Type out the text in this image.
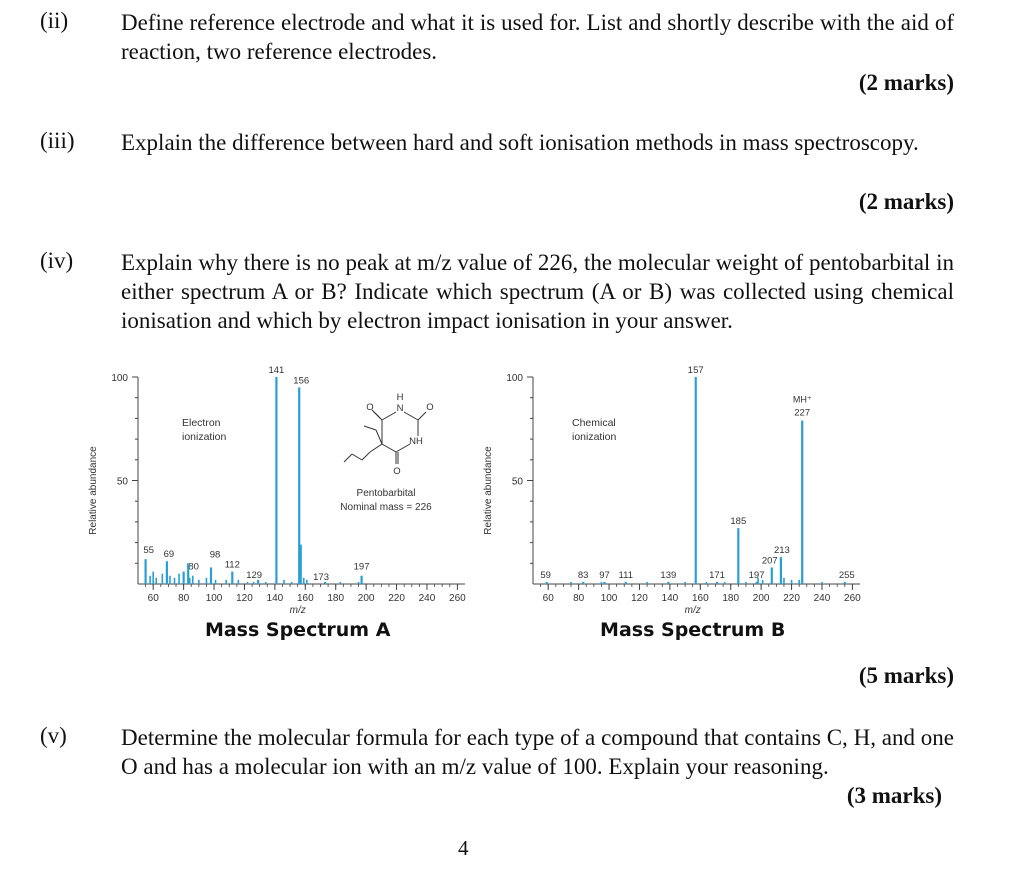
(ii) Define reference electrode and what it is used for. List and shortly describe with the aid of reaction, two reference electrodes.
(2 marks)
(iii) Explain the difference between hard and soft ionisation methods in mass spectroscopy.
(2 marks)
(iv) Explain why there is no peak at m/z value of 226, the molecular weight of pentobarbital in either spectrum A or B? Indicate which spectrum (A or B) was collected using chemical ionisation and which by electron impact ionisation in your answer.
50
100
60 80 100 120 140 160 180 200 220 240 260
m/z
Relative abundance
Electron
ionization
55 69
80
98
112
129
141
156
173
197
Mass Spectrum A
H
N
O	O
NH
O
Pentobarbital
Nominal mass = 226
50
100
60 80 100 120 140 160 180 200 220 240 260
m/z
Relative abundance
Chemical
ionization
59	83 97 111	139
157
171
185
197
207
213
MH⁺
227
255
Mass Spectrum B
(5 marks)
(v) Determine the molecular formula for each type of a compound that contains C, H, and one O and has a molecular ion with an m/z value of 100. Explain your reasoning.
(3 marks)
4
